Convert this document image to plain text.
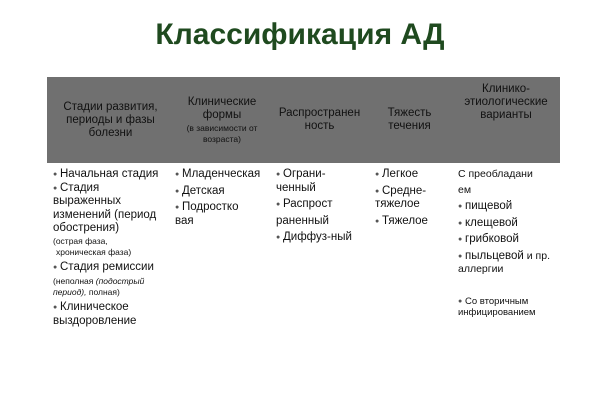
Классификация АД
Стадии развития,
периоды и фазы
болезни
Клинические
формы
(в зависимости от
возраста)
Распространен
ность
Тяжесть
течения
Клинико-
этиологические
варианты
● Начальная стадия
● Стадия
выраженных
изменений (период
обострения)
(острая фаза,
хроническая фаза)
● Стадия ремиссии
(неполная (подострый
период), полная)
● Клиническое
выздоровление
● Младенческая
● Детская
● Подростко
вая
● Ограни-
ченный
● Распрост
раненный
● Диффуз-ный
● Легкое
● Средне-
тяжелое
● Тяжелое
С преобладани
ем
● пищевой
● клещевой
● грибковой
● пыльцевой и пр.
аллергии
● Со вторичным
инфицированием
